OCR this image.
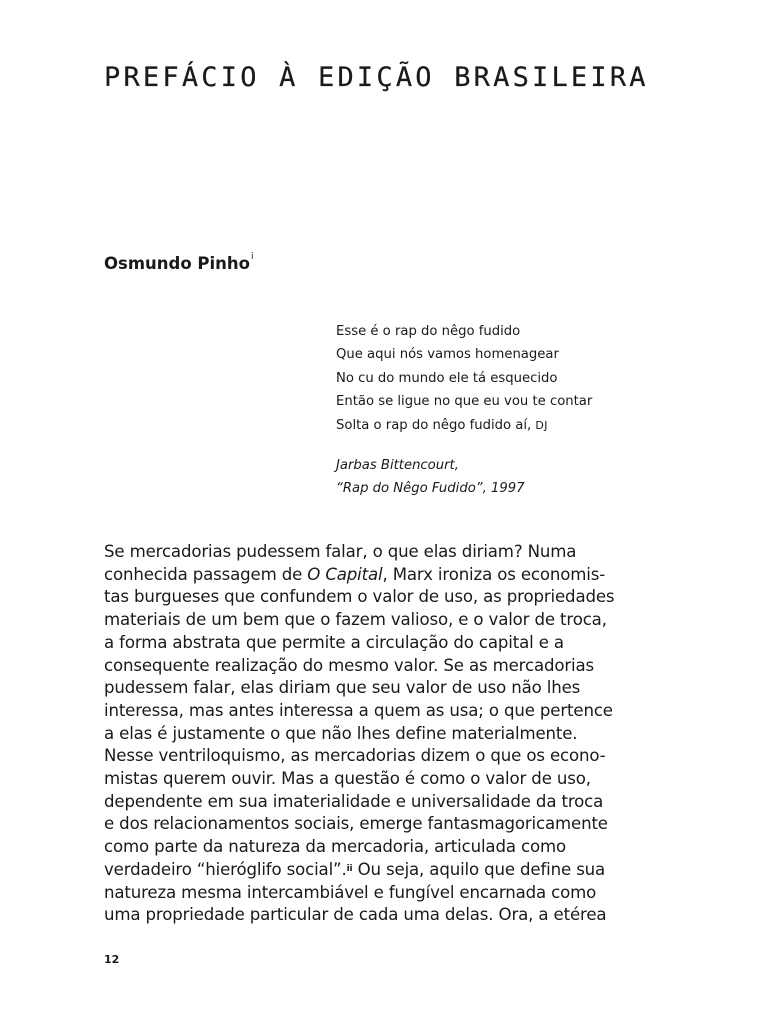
PREFÁCIO À EDIÇÃO BRASILEIRA
Osmundo Pinho$^i$
Esse é o rap do nêgo fudido
Que aqui nós vamos homenagear
No cu do mundo ele tá esquecido
Então se ligue no que eu vou te contar
Solta o rap do nêgo fudido aí, DJ
Jarbas Bittencourt,
“Rap do Nêgo Fudido”, 1997
Se mercadorias pudessem falar, o que elas diriam? Numa
conhecida passagem de O Capital, Marx ironiza os economis-
tas burgueses que confundem o valor de uso, as propriedades
materiais de um bem que o fazem valioso, e o valor de troca,
a forma abstrata que permite a circulação do capital e a
consequente realização do mesmo valor. Se as mercadorias
pudessem falar, elas diriam que seu valor de uso não lhes
interessa, mas antes interessa a quem as usa; o que pertence
a elas é justamente o que não lhes define materialmente.
Nesse ventriloquismo, as mercadorias dizem o que os econo-
mistas querem ouvir. Mas a questão é como o valor de uso,
dependente em sua imaterialidade e universalidade da troca
e dos relacionamentos sociais, emerge fantasmagoricamente
como parte da natureza da mercadoria, articulada como
verdadeiro “hieróglifo social”.$^{ii}$ Ou seja, aquilo que define sua
natureza mesma intercambiável e fungível encarnada como
uma propriedade particular de cada uma delas. Ora, a etérea
12
